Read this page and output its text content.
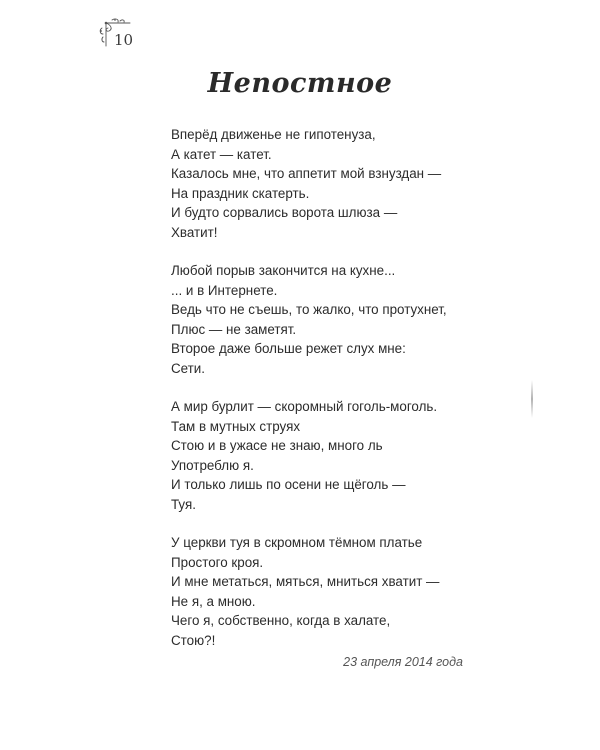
10
Непостное
Вперёд движенье не гипотенуза,
А катет — катет.
Казалось мне, что аппетит мой взнуздан —
На праздник скатерть.
И будто сорвались ворота шлюза —
Хватит!
Любой порыв закончится на кухне...
... и в Интернете.
Ведь что не съешь, то жалко, что протухнет,
Плюс — не заметят.
Второе даже больше режет слух мне:
Сети.
А мир бурлит — скоромный гоголь-моголь.
Там в мутных струях
Стою и в ужасе не знаю, много ль
Употреблю я.
И только лишь по осени не щёголь —
Туя.
У церкви туя в скромном тёмном платье
Простого кроя.
И мне метаться, мяться, мниться хватит —
Не я, а мною.
Чего я, собственно, когда в халате,
Стою?!
23 апреля 2014 года
